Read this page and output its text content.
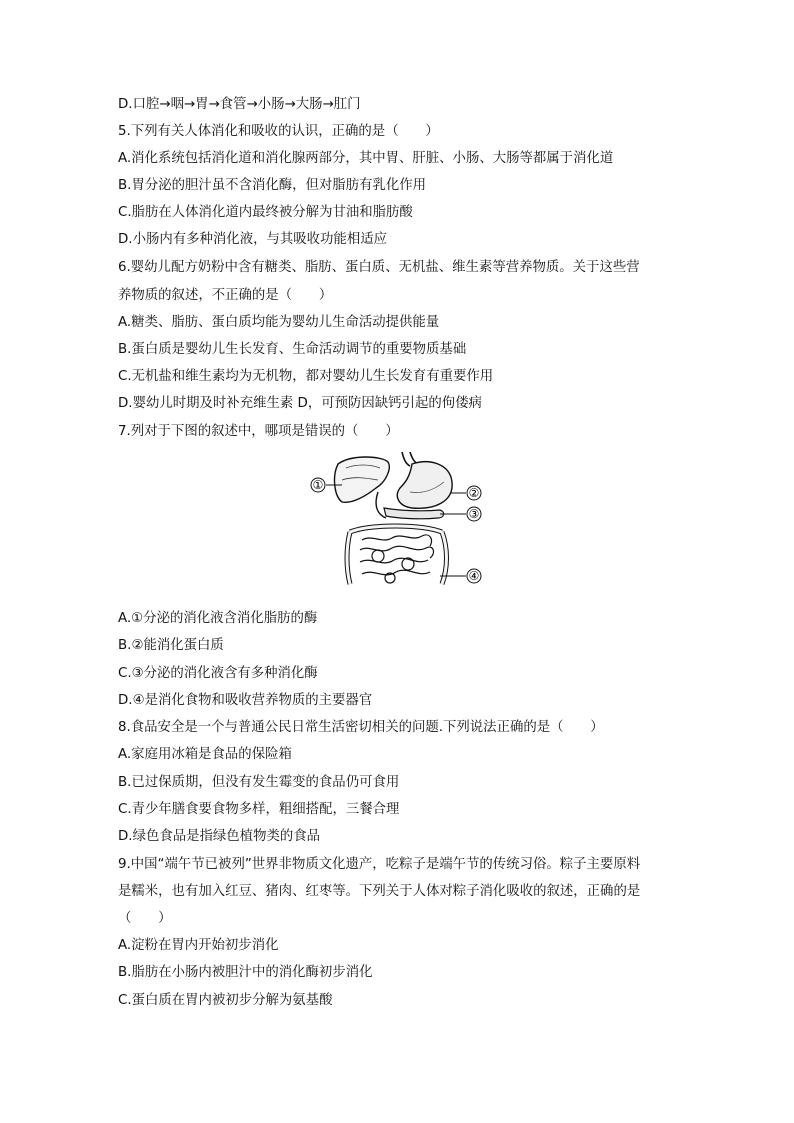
D.口腔→咽→胃→食管→小肠→大肠→肛门
5.下列有关人体消化和吸收的认识，正确的是（　　）
A.消化系统包括消化道和消化腺两部分，其中胃、肝脏、小肠、大肠等都属于消化道
B.胃分泌的胆汁虽不含消化酶，但对脂肪有乳化作用
C.脂肪在人体消化道内最终被分解为甘油和脂肪酸
D.小肠内有多种消化液，与其吸收功能相适应
6.婴幼儿配方奶粉中含有糖类、脂肪、蛋白质、无机盐、维生素等营养物质。关于这些营
养物质的叙述，不正确的是（　　）
A.糖类、脂肪、蛋白质均能为婴幼儿生命活动提供能量
B.蛋白质是婴幼儿生长发育、生命活动调节的重要物质基础
C.无机盐和维生素均为无机物，都对婴幼儿生长发育有重要作用
D.婴幼儿时期及时补充维生素 D，可预防因缺钙引起的佝偻病
7.列对于下图的叙述中，哪项是错误的（　　）
①
②
③
④
A.①分泌的消化液含消化脂肪的酶
B.②能消化蛋白质
C.③分泌的消化液含有多种消化酶
D.④是消化食物和吸收营养物质的主要器官
8.食品安全是一个与普通公民日常生活密切相关的问题.下列说法正确的是（　　）
A.家庭用冰箱是食品的保险箱
B.已过保质期，但没有发生霉变的食品仍可食用
C.青少年膳食要食物多样，粗细搭配，三餐合理
D.绿色食品是指绿色植物类的食品
9.中国“端午节已被列”世界非物质文化遗产，吃粽子是端午节的传统习俗。粽子主要原料
是糯米，也有加入红豆、猪肉、红枣等。下列关于人体对粽子消化吸收的叙述，正确的是
（　　）
A.淀粉在胃内开始初步消化
B.脂肪在小肠内被胆汁中的消化酶初步消化
C.蛋白质在胃内被初步分解为氨基酸
